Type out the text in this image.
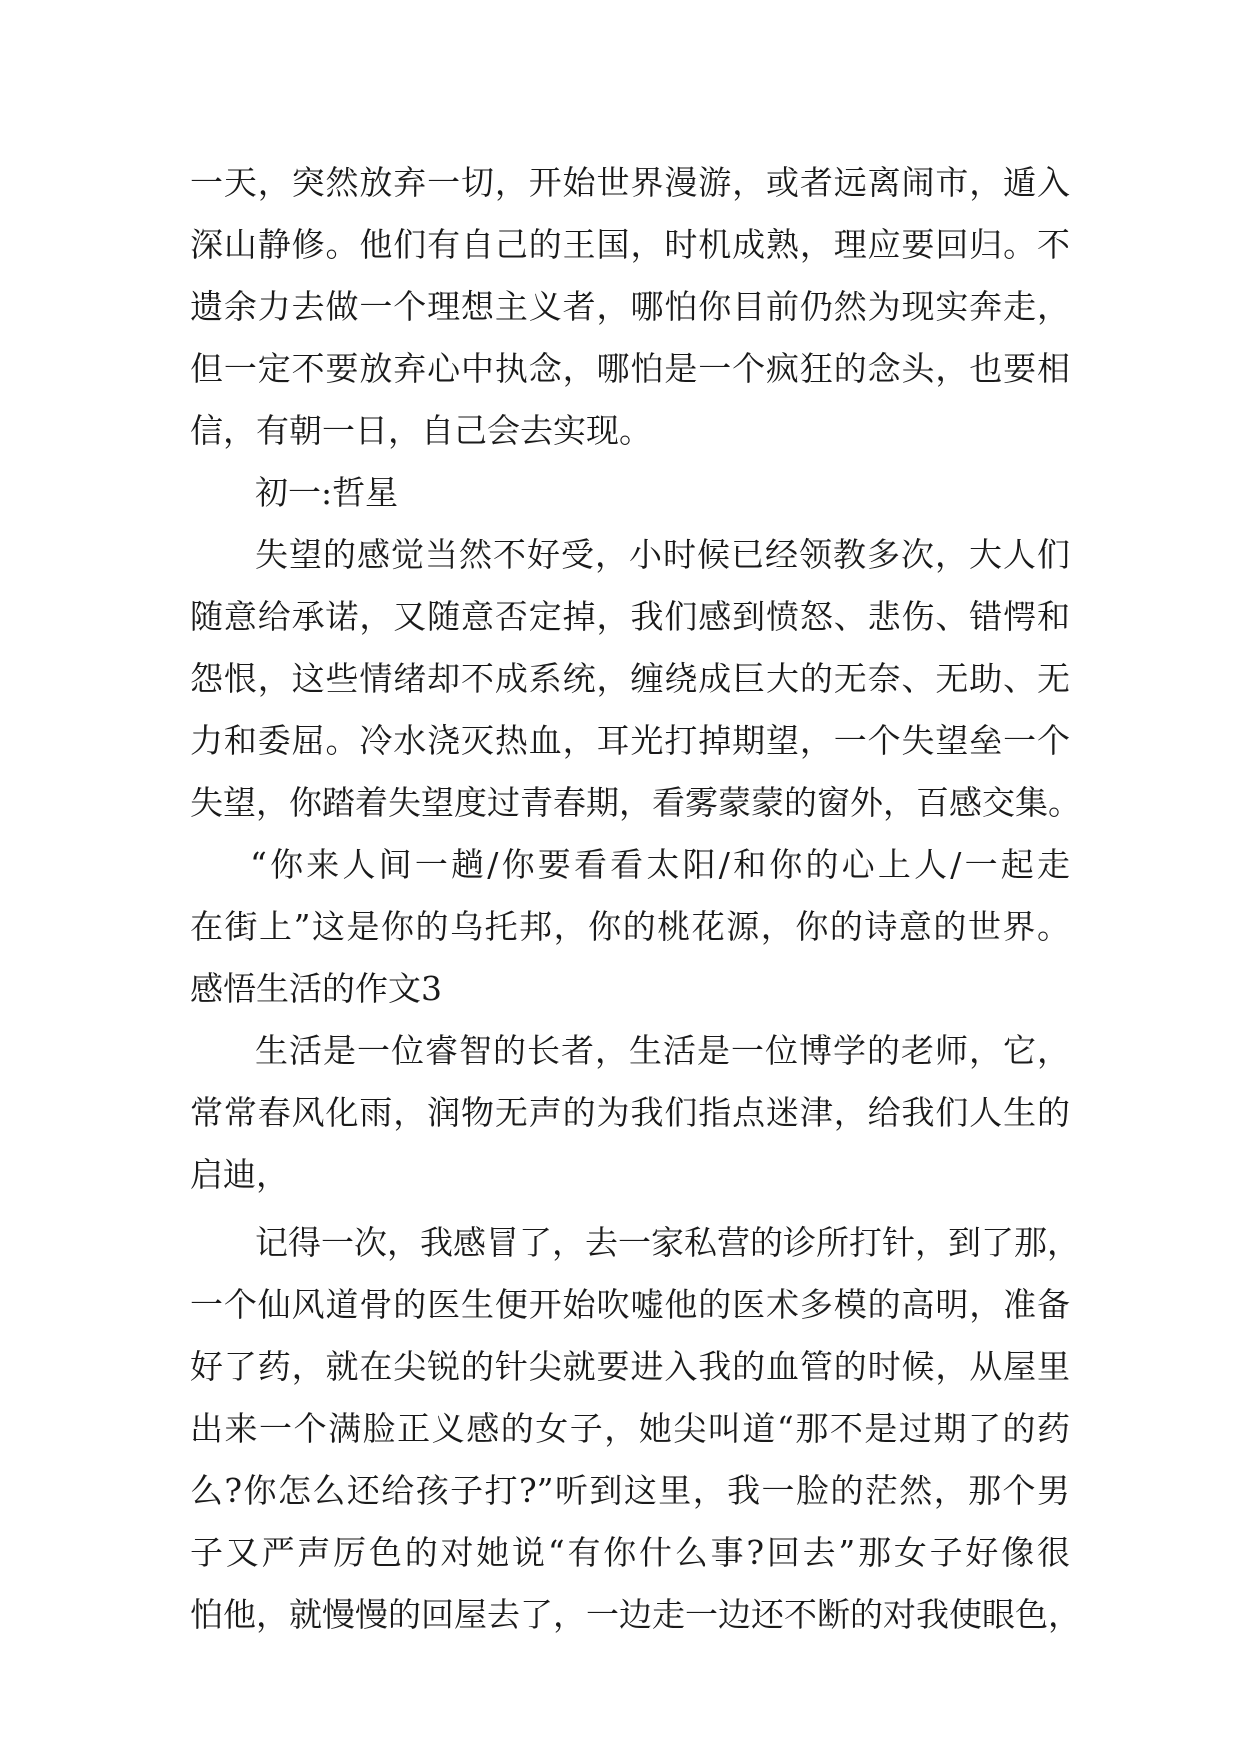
一天，突然放弃一切，开始世界漫游，或者远离闹市，遁入
深山静修。他们有自己的王国，时机成熟，理应要回归。不
遗余力去做一个理想主义者，哪怕你目前仍然为现实奔走，
但一定不要放弃心中执念，哪怕是一个疯狂的念头，也要相
信，有朝一日，自己会去实现。
初一:哲星
失望的感觉当然不好受，小时候已经领教多次，大人们
随意给承诺，又随意否定掉，我们感到愤怒、悲伤、错愕和
怨恨，这些情绪却不成系统，缠绕成巨大的无奈、无助、无
力和委屈。冷水浇灭热血，耳光打掉期望，一个失望垒一个
失望，你踏着失望度过青春期，看雾蒙蒙的窗外，百感交集。
“你来人间一趟/你要看看太阳/和你的心上人/一起走
在街上”这是你的乌托邦，你的桃花源，你的诗意的世界。
感悟生活的作文3
生活是一位睿智的长者，生活是一位博学的老师，它，
常常春风化雨，润物无声的为我们指点迷津，给我们人生的
启迪，
记得一次，我感冒了，去一家私营的诊所打针，到了那，
一个仙风道骨的医生便开始吹嘘他的医术多模的高明，准备
好了药，就在尖锐的针尖就要进入我的血管的时候，从屋里
出来一个满脸正义感的女子，她尖叫道“那不是过期了的药
么?你怎么还给孩子打?”听到这里，我一脸的茫然，那个男
子又严声厉色的对她说“有你什么事?回去”那女子好像很
怕他，就慢慢的回屋去了，一边走一边还不断的对我使眼色，
